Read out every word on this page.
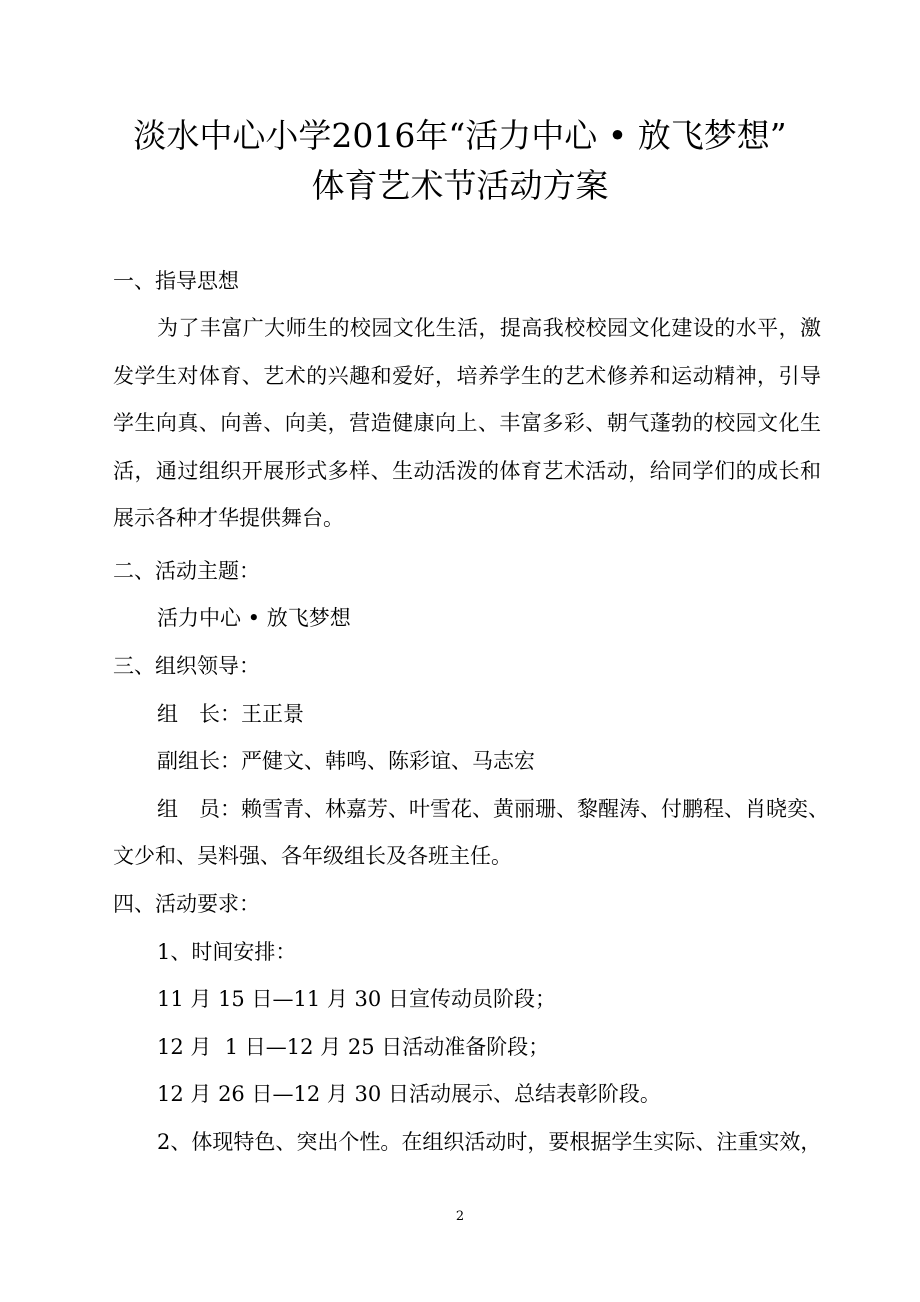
淡水中心小学2016年“活力中心 • 放飞梦想”
体育艺术节活动方案
一、指导思想
为了丰富广大师生的校园文化生活，提高我校校园文化建设的水平，激发学生对体育、艺术的兴趣和爱好，培养学生的艺术修养和运动精神，引导学生向真、向善、向美，营造健康向上、丰富多彩、朝气蓬勃的校园文化生活，通过组织开展形式多样、生动活泼的体育艺术活动，给同学们的成长和展示各种才华提供舞台。
二、活动主题：
活力中心 • 放飞梦想
三、组织领导：
组　长：王正景
副组长：严健文、韩鸣、陈彩谊、马志宏
组　员：赖雪青、林嘉芳、叶雪花、黄丽珊、黎醒涛、付鹏程、肖晓奕、
文少和、吴料强、各年级组长及各班主任。
四、活动要求：
1、时间安排：
11 月 15 日—11 月 30 日宣传动员阶段；
12 月  1 日—12 月 25 日活动准备阶段；
12 月 26 日—12 月 30 日活动展示、总结表彰阶段。
2、体现特色、突出个性。在组织活动时，要根据学生实际、注重实效，
2
